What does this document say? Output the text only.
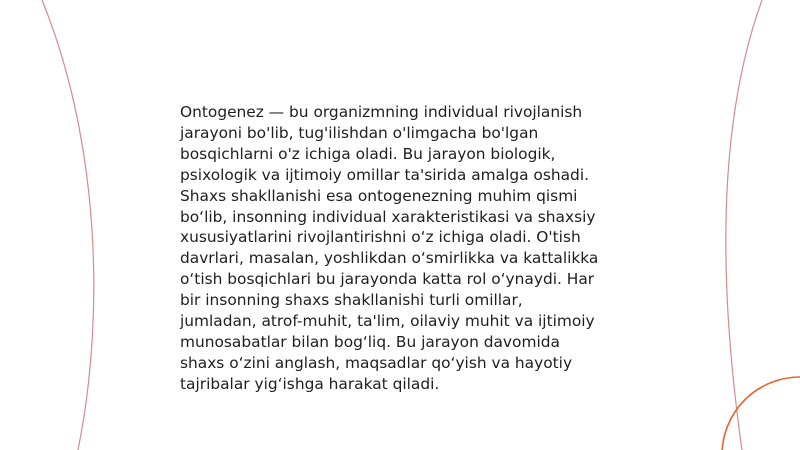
Ontogenez — bu organizmning individual rivojlanish
jarayoni bo'lib, tug'ilishdan o'limgacha bo'lgan
bosqichlarni o'z ichiga oladi. Bu jarayon biologik,
psixologik va ijtimoiy omillar ta'sirida amalga oshadi.
Shaxs shakllanishi esa ontogenezning muhim qismi
bo‘lib, insonning individual xarakteristikasi va shaxsiy
xususiyatlarini rivojlantirishni o‘z ichiga oladi. O'tish
davrlari, masalan, yoshlikdan o‘smirlikka va kattalikka
o‘tish bosqichlari bu jarayonda katta rol o‘ynaydi. Har
bir insonning shaxs shakllanishi turli omillar,
jumladan, atrof-muhit, ta'lim, oilaviy muhit va ijtimoiy
munosabatlar bilan bog‘liq. Bu jarayon davomida
shaxs o‘zini anglash, maqsadlar qo‘yish va hayotiy
tajribalar yig‘ishga harakat qiladi.
